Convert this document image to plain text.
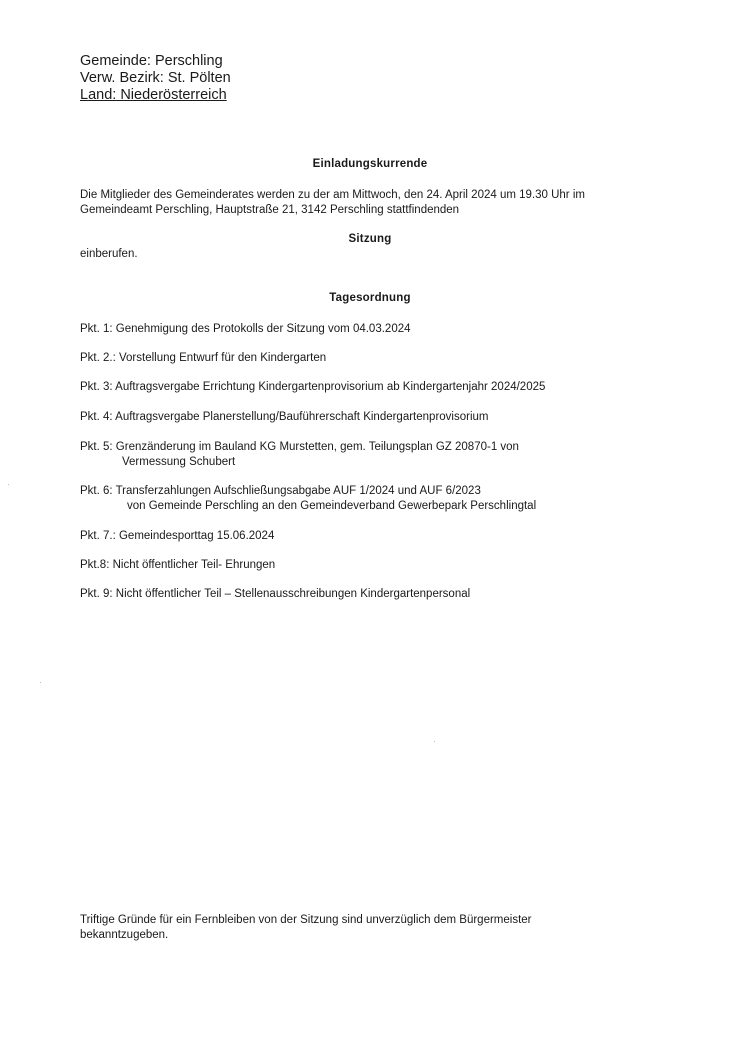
Gemeinde: Perschling
Verw. Bezirk: St. Pölten
Land: Niederösterreich
Einladungskurrende
Die Mitglieder des Gemeinderates werden zu der am Mittwoch, den 24. April 2024 um 19.30 Uhr im
Gemeindeamt Perschling, Hauptstraße 21, 3142 Perschling stattfindenden
Sitzung
einberufen.
Tagesordnung
Pkt. 1: Genehmigung des Protokolls der Sitzung vom 04.03.2024
Pkt. 2.: Vorstellung Entwurf für den Kindergarten
Pkt. 3: Auftragsvergabe Errichtung Kindergartenprovisorium ab Kindergartenjahr 2024/2025
Pkt. 4: Auftragsvergabe Planerstellung/Bauführerschaft Kindergartenprovisorium
Pkt. 5: Grenzänderung im Bauland KG Murstetten, gem. Teilungsplan GZ 20870-1 von
Vermessung Schubert
Pkt. 6: Transferzahlungen Aufschließungsabgabe AUF 1/2024 und AUF 6/2023
von Gemeinde Perschling an den Gemeindeverband Gewerbepark Perschlingtal
Pkt. 7.: Gemeindesporttag 15.06.2024
Pkt.8: Nicht öffentlicher Teil- Ehrungen
Pkt. 9: Nicht öffentlicher Teil – Stellenausschreibungen Kindergartenpersonal
Triftige Gründe für ein Fernbleiben von der Sitzung sind unverzüglich dem Bürgermeister
bekanntzugeben.
